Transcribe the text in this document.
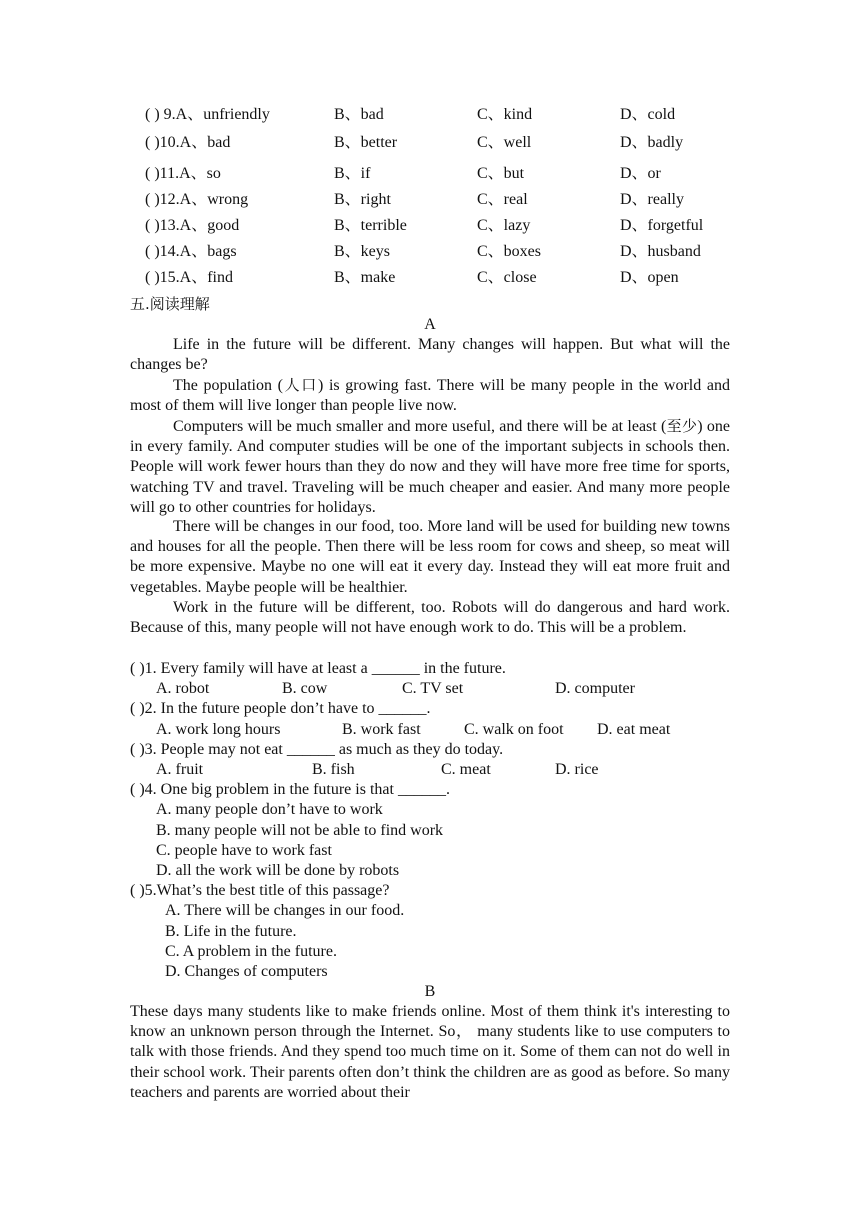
( ) 9.A、unfriendly	B、bad	C、kind	D、cold
( )10.A、bad	B、better	C、well	D、badly
( )11.A、so	B、if	C、but	D、or
( )12.A、wrong	B、right	C、real	D、really
( )13.A、good	B、terrible	C、lazy	D、forgetful
( )14.A、bags	B、keys	C、boxes	D、husband
( )15.A、find	B、make	C、close	D、open
五.阅读理解
A
Life in the future will be different. Many changes will happen. But what will the changes be?
The population (人口) is growing fast. There will be many people in the world and most of them will live longer than people live now.
Computers will be much smaller and more useful, and there will be at least (至少) one in every family. And computer studies will be one of the important subjects in schools then. People will work fewer hours than they do now and they will have more free time for sports, watching TV and travel. Traveling will be much cheaper and easier. And many more people will go to other countries for holidays.
There will be changes in our food, too. More land will be used for building new towns and houses for all the people. Then there will be less room for cows and sheep, so meat will be more expensive. Maybe no one will eat it every day. Instead they will eat more fruit and vegetables. Maybe people will be healthier.
Work in the future will be different, too. Robots will do dangerous and hard work. Because of this, many people will not have enough work to do. This will be a problem.
( )1. Every family will have at least a ______ in the future.
A. robot	B. cow	C. TV set	D. computer
( )2. In the future people don’t have to ______.
A. work long hours	B. work fast	C. walk on foot D. eat meat
( )3. People may not eat ______ as much as they do today.
A. fruit	B. fish	C. meat	D. rice
( )4. One big problem in the future is that ______.
A. many people don’t have to work
B. many people will not be able to find work
C. people have to work fast
D. all the work will be done by robots
( )5.What’s the best title of this passage?
A. There will be changes in our food.
B. Life in the future.
C. A problem in the future.
D. Changes of computers
B
These days many students like to make friends online. Most of them think it's interesting to know an unknown person through the Internet. So， many students like to use computers to talk with those friends. And they spend too much time on it. Some of them can not do well in their school work. Their parents often don’t think the children are as good as before. So many teachers and parents are worried about their
